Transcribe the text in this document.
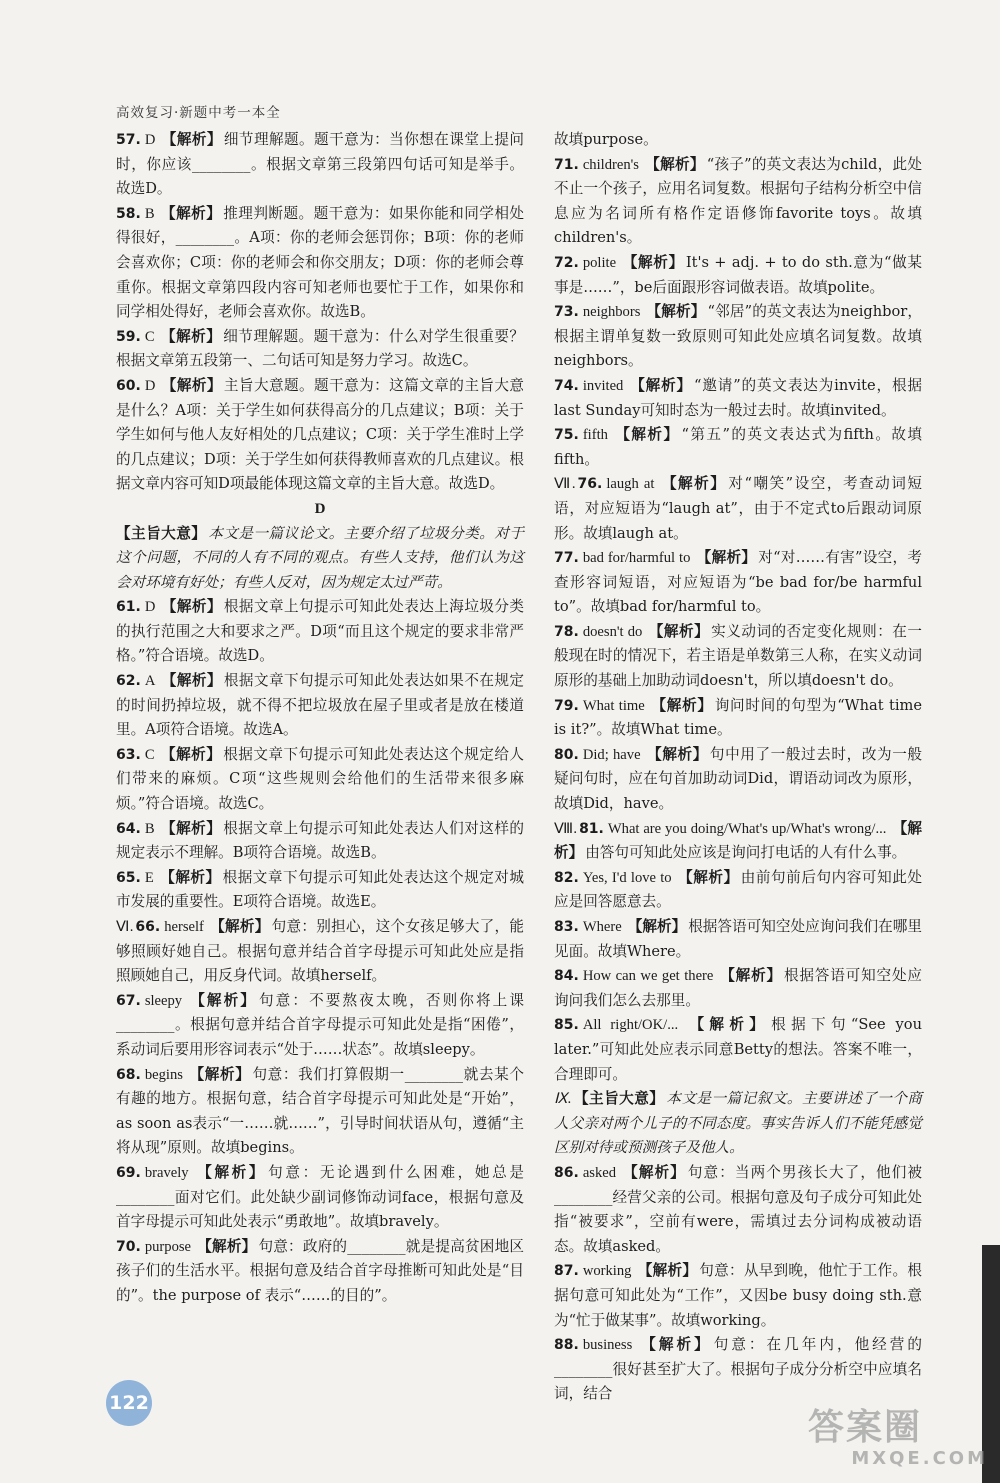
高效复习·新题中考一本全

57. D 【解析】 细节理解题。题干意为：当你想在课堂上提问时，你应该________。根据文章第三段第四句话可知是举手。故选D。

58. B 【解析】 推理判断题。题干意为：如果你能和同学相处得很好，________。A项：你的老师会惩罚你；B项：你的老师会喜欢你；C项：你的老师会和你交朋友；D项：你的老师会尊重你。根据文章第四段内容可知老师也要忙于工作，如果你和同学相处得好，老师会喜欢你。故选B。

59. C 【解析】 细节理解题。题干意为：什么对学生很重要？根据文章第五段第一、二句话可知是努力学习。故选C。

60. D 【解析】 主旨大意题。题干意为：这篇文章的主旨大意是什么？A项：关于学生如何获得高分的几点建议；B项：关于学生如何与他人友好相处的几点建议；C项：关于学生准时上学的几点建议；D项：关于学生如何获得教师喜欢的几点建议。根据文章内容可知D项最能体现这篇文章的主旨大意。故选D。

D

【主旨大意】 本文是一篇议论文。主要介绍了垃圾分类。对于这个问题，不同的人有不同的观点。有些人支持，他们认为这会对环境有好处；有些人反对，因为规定太过严苛。

61. D 【解析】 根据文章上句提示可知此处表达上海垃圾分类的执行范围之大和要求之严。D项“而且这个规定的要求非常严格。”符合语境。故选D。

62. A 【解析】 根据文章下句提示可知此处表达如果不在规定的时间扔掉垃圾，就不得不把垃圾放在屋子里或者是放在楼道里。A项符合语境。故选A。

63. C 【解析】 根据文章下句提示可知此处表达这个规定给人们带来的麻烦。C项“这些规则会给他们的生活带来很多麻烦。”符合语境。故选C。

64. B 【解析】 根据文章上句提示可知此处表达人们对这样的规定表示不理解。B项符合语境。故选B。

65. E 【解析】 根据文章下句提示可知此处表达这个规定对城市发展的重要性。E项符合语境。故选E。

Ⅵ. 66. herself 【解析】 句意：别担心，这个女孩足够大了，能够照顾好她自己。根据句意并结合首字母提示可知此处应是指照顾她自己，用反身代词。故填herself。

67. sleepy 【解析】 句意：不要熬夜太晚，否则你将上课________。根据句意并结合首字母提示可知此处是指“困倦”，系动词后要用形容词表示“处于……状态”。故填sleepy。

68. begins 【解析】 句意：我们打算假期一________就去某个有趣的地方。根据句意，结合首字母提示可知此处是“开始”，as soon as表示“一……就……”，引导时间状语从句，遵循“主将从现”原则。故填begins。

69. bravely 【解析】 句意：无论遇到什么困难，她总是________面对它们。此处缺少副词修饰动词face，根据句意及首字母提示可知此处表示“勇敢地”。故填bravely。

70. purpose 【解析】 句意：政府的________就是提高贫困地区孩子们的生活水平。根据句意及结合首字母推断可知此处是“目的”。the purpose of 表示“……的目的”。

故填purpose。

71. children's 【解析】 “孩子”的英文表达为child，此处不止一个孩子，应用名词复数。根据句子结构分析空中信息应为名词所有格作定语修饰favorite toys。故填children's。

72. polite 【解析】 It's + adj. + to do sth.意为“做某事是……”，be后面跟形容词做表语。故填polite。

73. neighbors 【解析】 “邻居”的英文表达为neighbor，根据主谓单复数一致原则可知此处应填名词复数。故填neighbors。

74. invited 【解析】 “邀请”的英文表达为invite，根据last Sunday可知时态为一般过去时。故填invited。

75. fifth 【解析】 “第五”的英文表达式为fifth。故填fifth。

Ⅶ. 76. laugh at 【解析】 对“嘲笑”设空，考查动词短语，对应短语为“laugh at”，由于不定式to后跟动词原形。故填laugh at。

77. bad for/harmful to 【解析】 对“对……有害”设空，考查形容词短语，对应短语为“be bad for/be harmful to”。故填bad for/harmful to。

78. doesn't do 【解析】 实义动词的否定变化规则：在一般现在时的情况下，若主语是单数第三人称，在实义动词原形的基础上加助动词doesn't，所以填doesn't do。

79. What time 【解析】 询问时间的句型为“What time is it?”。故填What time。

80. Did; have 【解析】 句中用了一般过去时，改为一般疑问句时，应在句首加助动词Did，谓语动词改为原形，故填Did，have。

Ⅷ. 81. What are you doing/What's up/What's wrong/... 【解析】 由答句可知此处应该是询问打电话的人有什么事。

82. Yes, I'd love to 【解析】 由前句前后句内容可知此处应是回答愿意去。

83. Where 【解析】 根据答语可知空处应询问我们在哪里见面。故填Where。

84. How can we get there 【解析】 根据答语可知空处应询问我们怎么去那里。

85. All right/OK/... 【解析】 根据下句“See you later.”可知此处应表示同意Betty的想法。答案不唯一，合理即可。

Ⅸ. 【主旨大意】 本文是一篇记叙文。主要讲述了一个商人父亲对两个儿子的不同态度。事实告诉人们不能凭感觉区别对待或预测孩子及他人。

86. asked 【解析】 句意：当两个男孩长大了，他们被________经营父亲的公司。根据句意及句子成分可知此处指“被要求”，空前有were，需填过去分词构成被动语态。故填asked。

87. working 【解析】 句意：从早到晚，他忙于工作。根据句意可知此处为“工作”，又因be busy doing sth.意为“忙于做某事”。故填working。

88. business 【解析】 句意：在几年内，他经营的________很好甚至扩大了。根据句子成分分析空中应填名词，结合

122
答案圈
MXQE.COM
